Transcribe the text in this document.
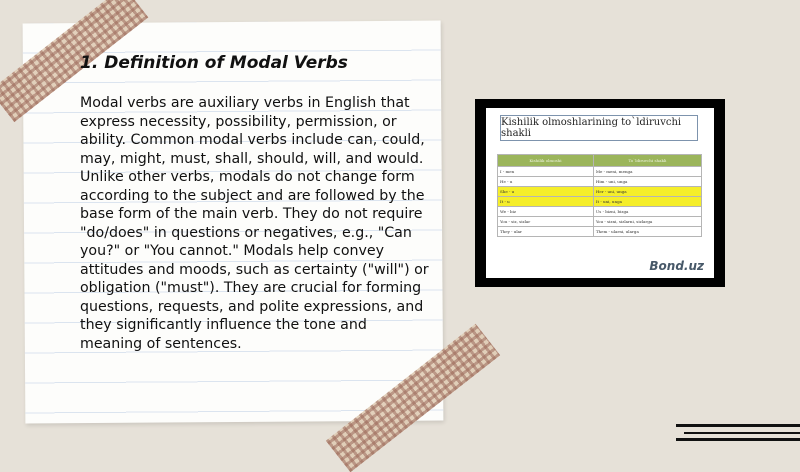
1. Definition of Modal Verbs

Modal verbs are auxiliary verbs in English that express necessity, possibility, permission, or ability. Common modal verbs include can, could, may, might, must, shall, should, will, and would. Unlike other verbs, modals do not change form according to the subject and are followed by the base form of the main verb. They do not require "do/does" in questions or negatives, e.g., "Can you?" or "You cannot." Modals help convey attitudes and moods, such as certainty ("will") or obligation ("must"). They are crucial for forming questions, requests, and polite expressions, and they significantly influence the tone and meaning of sentences.

Kishilik olmoshlarining to`ldiruvchi shakli
Kishilik olmoshi	To`ldiruvchi shakli
I - men	Me - meni, menga
He - u	Him - uni, unga
She - u	Her - uni, unga
It - u	It - uni, unga
We - biz	Us - bizni, bizga
You - siz, sizlar	You - sizni, sizlarni, sizlarga
They - ular	Them - ularni, ularga
Bond.uz
